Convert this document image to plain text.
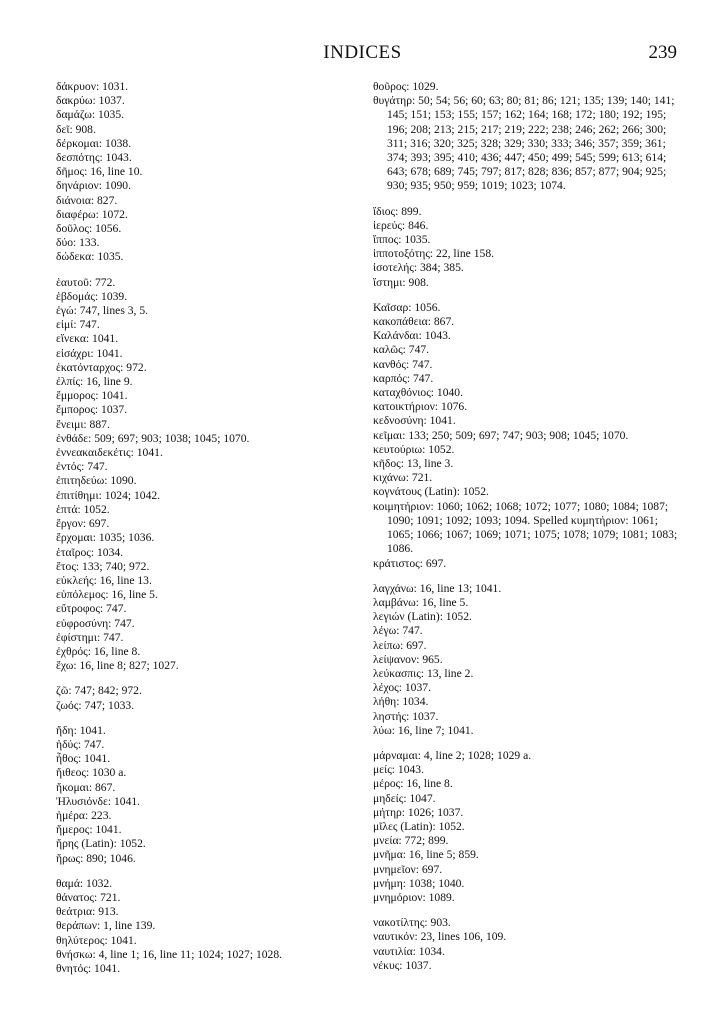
INDICES	239
δάκρυον: 1031.
δακρύω: 1037.
δαμάζω: 1035.
δεῖ: 908.
δέρκομαι: 1038.
δεσπότης: 1043.
δῆμος: 16, line 10.
δηνάριον: 1090.
διάνοια: 827.
διαφέρω: 1072.
δοῦλος: 1056.
δύο: 133.
δώδεκα: 1035.
ἑαυτοῦ: 772.
ἑβδομάς: 1039.
ἐγώ: 747, lines 3, 5.
εἰμί: 747.
εἵνεκα: 1041.
εἰσάχρι: 1041.
ἑκατόνταρχος: 972.
ἐλπίς: 16, line 9.
ἔμμορος: 1041.
ἔμπορος: 1037.
ἔνειμι: 887.
ἐνθάδε: 509; 697; 903; 1038; 1045; 1070.
ἐννεακαιδεκέτις: 1041.
ἐντός: 747.
ἐπιτηδεύω: 1090.
ἐπιτίθημι: 1024; 1042.
ἑπτά: 1052.
ἔργον: 697.
ἔρχομαι: 1035; 1036.
ἑταῖρος: 1034.
ἔτος: 133; 740; 972.
εὐκλεής: 16, line 13.
εὐπόλεμος: 16, line 5.
εὔτροφος: 747.
εὐφροσύνη: 747.
ἐφίστημι: 747.
ἐχθρός: 16, line 8.
ἔχω: 16, line 8; 827; 1027.
ζῶ: 747; 842; 972.
ζωός: 747; 1033.
ἤδη: 1041.
ἡδύς: 747.
ἦθος: 1041.
ἤιθεος: 1030 a.
ἥκομαι: 867.
Ἠλυσιόνδε: 1041.
ἡμέρα: 223.
ἥμερος: 1041.
ἥρης (Latin): 1052.
ἥρως: 890; 1046.
θαμά: 1032.
θάνατος: 721.
θεάτρια: 913.
θεράπων: 1, line 139.
θηλύτερος: 1041.
θνήσκω: 4, line 1; 16, line 11; 1024; 1027; 1028.
θνητός: 1041.
θοῦρος: 1029.
θυγάτηρ: 50; 54; 56; 60; 63; 80; 81; 86; 121; 135; 139; 140; 141; 145; 151; 153; 155; 157; 162; 164; 168; 172; 180; 192; 195; 196; 208; 213; 215; 217; 219; 222; 238; 246; 262; 266; 300; 311; 316; 320; 325; 328; 329; 330; 333; 346; 357; 359; 361; 374; 393; 395; 410; 436; 447; 450; 499; 545; 599; 613; 614; 643; 678; 689; 745; 797; 817; 828; 836; 857; 877; 904; 925; 930; 935; 950; 959; 1019; 1023; 1074.
ἴδιος: 899.
ἱερεύς: 846.
ἵππος: 1035.
ἱπποτοξότης: 22, line 158.
ἰσοτελής: 384; 385.
ἵστημι: 908.
Καῖσαρ: 1056.
κακοπάθεια: 867.
Καλάνδαι: 1043.
καλῶς: 747.
κανθός: 747.
καρπός: 747.
καταχθόνιος: 1040.
κατοικτήριον: 1076.
κεδνοσύνη: 1041.
κεῖμαι: 133; 250; 509; 697; 747; 903; 908; 1045; 1070.
κευτούριω: 1052.
κῆδος: 13, line 3.
κιχάνω: 721.
κογνάτους (Latin): 1052.
κοιμητήριον: 1060; 1062; 1068; 1072; 1077; 1080; 1084; 1087; 1090; 1091; 1092; 1093; 1094. Spelled κυμητήριον: 1061; 1065; 1066; 1067; 1069; 1071; 1075; 1078; 1079; 1081; 1083; 1086.
κράτιστος: 697.
λαγχάνω: 16, line 13; 1041.
λαμβάνω: 16, line 5.
λεγιών (Latin): 1052.
λέγω: 747.
λείπω: 697.
λείψανον: 965.
λεύκασπις: 13, line 2.
λέχος: 1037.
λήθη: 1034.
ληστής: 1037.
λύω: 16, line 7; 1041.
μάρναμαι: 4, line 2; 1028; 1029 a.
μείς: 1043.
μέρος: 16, line 8.
μηδείς: 1047.
μήτηρ: 1026; 1037.
μῖλες (Latin): 1052.
μνεία: 772; 899.
μνῆμα: 16, line 5; 859.
μνημεῖον: 697.
μνήμη: 1038; 1040.
μνημόριον: 1089.
νακοτίλτης: 903.
ναυτικόν: 23, lines 106, 109.
ναυτιλία: 1034.
νέκυς: 1037.
